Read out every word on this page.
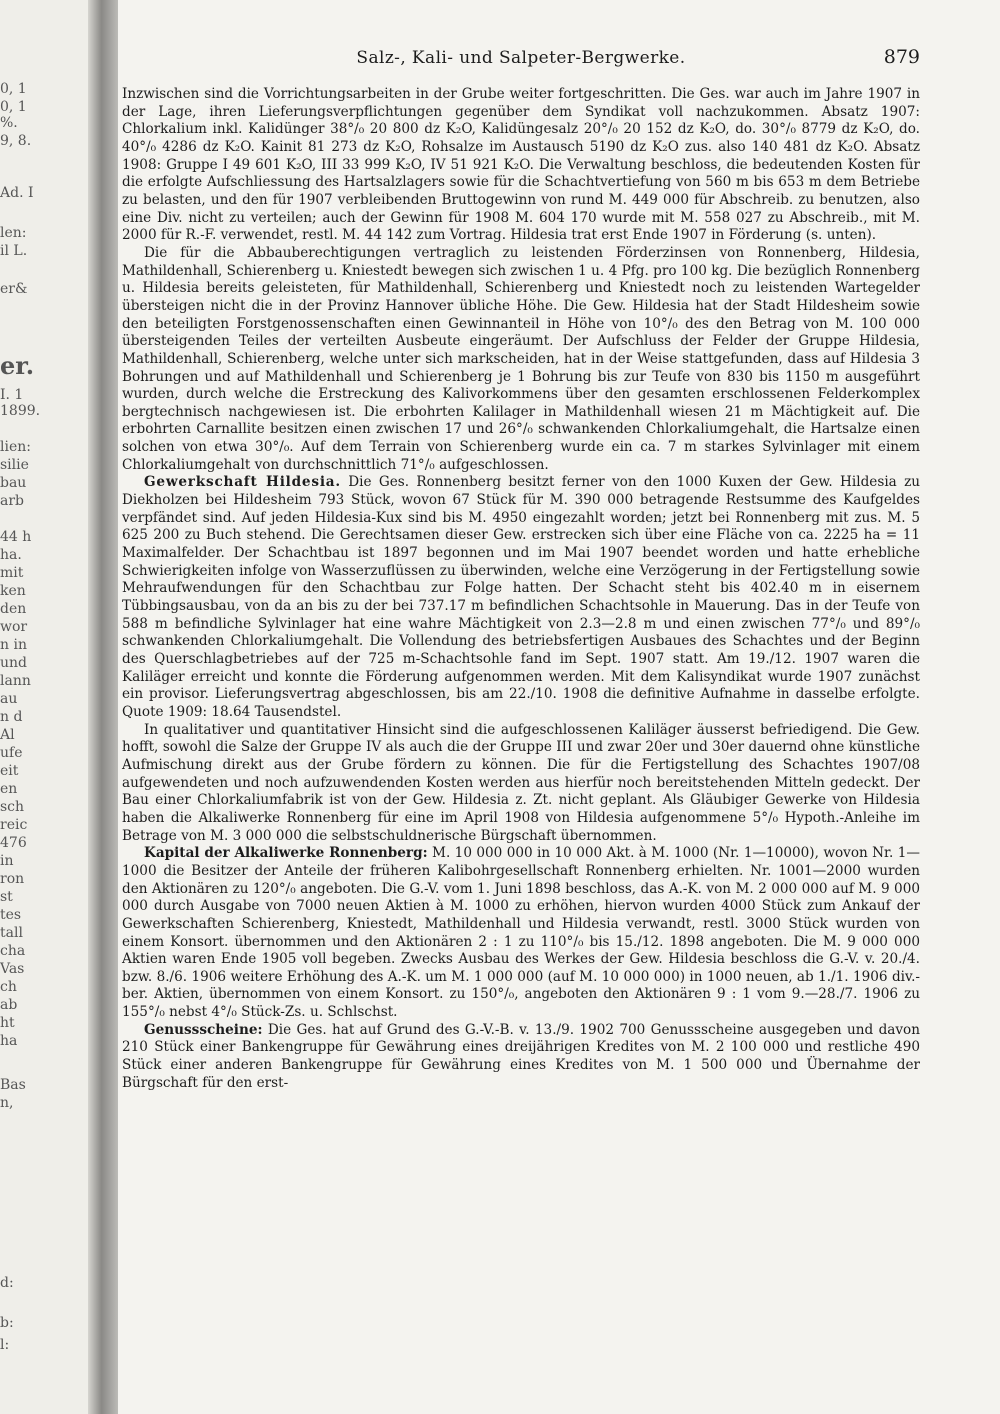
0, 1
0, 1
%.
9, 8.
Ad. I
len:
il L.
er&
er.
I. 1
1899.
lien:
silie
bau
arb
44 h
ha.
mit
ken
den
wor
n in
und
lann
au
n d
Al
ufe
eit
en
sch
reic
476
in
ron
st
tes
tall
cha
Vas
ch
ab
ht
ha
Bas
n,
d:
b:
l:
Salz-, Kali- und Salpeter-Bergwerke.	879

Inzwischen sind die Vorrichtungsarbeiten in der Grube weiter fortgeschritten. Die Ges. war auch im Jahre 1907 in der Lage, ihren Lieferungsverpflichtungen gegenüber dem Syndikat voll nachzukommen. Absatz 1907: Chlorkalium inkl. Kalidünger 38°/₀ 20 800 dz K₂O, Kalidüngesalz 20°/₀ 20 152 dz K₂O, do. 30°/₀ 8779 dz K₂O, do. 40°/₀ 4286 dz K₂O. Kainit 81 273 dz K₂O, Rohsalze im Austausch 5190 dz K₂O zus. also 140 481 dz K₂O. Absatz 1908: Gruppe I 49 601 K₂O, III 33 999 K₂O, IV 51 921 K₂O. Die Verwaltung beschloss, die bedeutenden Kosten für die erfolgte Aufschliessung des Hartsalzlagers sowie für die Schachtvertiefung von 560 m bis 653 m dem Betriebe zu belasten, und den für 1907 verbleibenden Bruttogewinn von rund M. 449 000 für Abschreib. zu benutzen, also eine Div. nicht zu verteilen; auch der Gewinn für 1908 M. 604 170 wurde mit M. 558 027 zu Abschreib., mit M. 2000 für R.-F. verwendet, restl. M. 44 142 zum Vortrag. Hildesia trat erst Ende 1907 in Förderung (s. unten).

Die für die Abbauberechtigungen vertraglich zu leistenden Förderzinsen von Ronnenberg, Hildesia, Mathildenhall, Schierenberg u. Kniestedt bewegen sich zwischen 1 u. 4 Pfg. pro 100 kg. Die bezüglich Ronnenberg u. Hildesia bereits geleisteten, für Mathildenhall, Schierenberg und Kniestedt noch zu leistenden Wartegelder übersteigen nicht die in der Provinz Hannover übliche Höhe. Die Gew. Hildesia hat der Stadt Hildesheim sowie den beteiligten Forstgenossenschaften einen Gewinnanteil in Höhe von 10°/₀ des den Betrag von M. 100 000 übersteigenden Teiles der verteilten Ausbeute eingeräumt. Der Aufschluss der Felder der Gruppe Hildesia, Mathildenhall, Schierenberg, welche unter sich markscheiden, hat in der Weise stattgefunden, dass auf Hildesia 3 Bohrungen und auf Mathildenhall und Schierenberg je 1 Bohrung bis zur Teufe von 830 bis 1150 m ausgeführt wurden, durch welche die Erstreckung des Kalivorkommens über den gesamten erschlossenen Felderkomplex bergtechnisch nachgewiesen ist. Die erbohrten Kalilager in Mathildenhall wiesen 21 m Mächtigkeit auf. Die erbohrten Carnallite besitzen einen zwischen 17 und 26°/₀ schwankenden Chlorkaliumgehalt, die Hartsalze einen solchen von etwa 30°/₀. Auf dem Terrain von Schierenberg wurde ein ca. 7 m starkes Sylvinlager mit einem Chlorkaliumgehalt von durchschnittlich 71°/₀ aufgeschlossen.

Gewerkschaft Hildesia. Die Ges. Ronnenberg besitzt ferner von den 1000 Kuxen der Gew. Hildesia zu Diekholzen bei Hildesheim 793 Stück, wovon 67 Stück für M. 390 000 betragende Restsumme des Kaufgeldes verpfändet sind. Auf jeden Hildesia-Kux sind bis M. 4950 eingezahlt worden; jetzt bei Ronnenberg mit zus. M. 5 625 200 zu Buch stehend. Die Gerechtsamen dieser Gew. erstrecken sich über eine Fläche von ca. 2225 ha = 11 Maximalfelder. Der Schachtbau ist 1897 begonnen und im Mai 1907 beendet worden und hatte erhebliche Schwierigkeiten infolge von Wasserzuflüssen zu überwinden, welche eine Verzögerung in der Fertigstellung sowie Mehraufwendungen für den Schachtbau zur Folge hatten. Der Schacht steht bis 402.40 m in eisernem Tübbingsausbau, von da an bis zu der bei 737.17 m befindlichen Schachtsohle in Mauerung. Das in der Teufe von 588 m befindliche Sylvinlager hat eine wahre Mächtigkeit von 2.3—2.8 m und einen zwischen 77°/₀ und 89°/₀ schwankenden Chlorkaliumgehalt. Die Vollendung des betriebsfertigen Ausbaues des Schachtes und der Beginn des Querschlagbetriebes auf der 725 m-Schachtsohle fand im Sept. 1907 statt. Am 19./12. 1907 waren die Kaliläger erreicht und konnte die Förderung aufgenommen werden. Mit dem Kalisyndikat wurde 1907 zunächst ein provisor. Lieferungsvertrag abgeschlossen, bis am 22./10. 1908 die definitive Aufnahme in dasselbe erfolgte. Quote 1909: 18.64 Tausendstel.

In qualitativer und quantitativer Hinsicht sind die aufgeschlossenen Kaliläger äusserst befriedigend. Die Gew. hofft, sowohl die Salze der Gruppe IV als auch die der Gruppe III und zwar 20er und 30er dauernd ohne künstliche Aufmischung direkt aus der Grube fördern zu können. Die für die Fertigstellung des Schachtes 1907/08 aufgewendeten und noch aufzuwendenden Kosten werden aus hierfür noch bereitstehenden Mitteln gedeckt. Der Bau einer Chlorkaliumfabrik ist von der Gew. Hildesia z. Zt. nicht geplant. Als Gläubiger Gewerke von Hildesia haben die Alkaliwerke Ronnenberg für eine im April 1908 von Hildesia aufgenommene 5°/₀ Hypoth.-Anleihe im Betrage von M. 3 000 000 die selbstschuldnerische Bürgschaft übernommen.

Kapital der Alkaliwerke Ronnenberg: M. 10 000 000 in 10 000 Akt. à M. 1000 (Nr. 1—10000), wovon Nr. 1—1000 die Besitzer der Anteile der früheren Kalibohrgesellschaft Ronnenberg erhielten. Nr. 1001—2000 wurden den Aktionären zu 120°/₀ angeboten. Die G.-V. vom 1. Juni 1898 beschloss, das A.-K. von M. 2 000 000 auf M. 9 000 000 durch Ausgabe von 7000 neuen Aktien à M. 1000 zu erhöhen, hiervon wurden 4000 Stück zum Ankauf der Gewerkschaften Schierenberg, Kniestedt, Mathildenhall und Hildesia verwandt, restl. 3000 Stück wurden von einem Konsort. übernommen und den Aktionären 2 : 1 zu 110°/₀ bis 15./12. 1898 angeboten. Die M. 9 000 000 Aktien waren Ende 1905 voll begeben. Zwecks Ausbau des Werkes der Gew. Hildesia beschloss die G.-V. v. 20./4. bzw. 8./6. 1906 weitere Erhöhung des A.-K. um M. 1 000 000 (auf M. 10 000 000) in 1000 neuen, ab 1./1. 1906 div.-ber. Aktien, übernommen von einem Konsort. zu 150°/₀, angeboten den Aktionären 9 : 1 vom 9.—28./7. 1906 zu 155°/₀ nebst 4°/₀ Stück-Zs. u. Schlschst.

Genussscheine: Die Ges. hat auf Grund des G.-V.-B. v. 13./9. 1902 700 Genussscheine ausgegeben und davon 210 Stück einer Bankengruppe für Gewährung eines dreijährigen Kredites von M. 2 100 000 und restliche 490 Stück einer anderen Bankengruppe für Gewährung eines Kredites von M. 1 500 000 und Übernahme der Bürgschaft für den erst-
